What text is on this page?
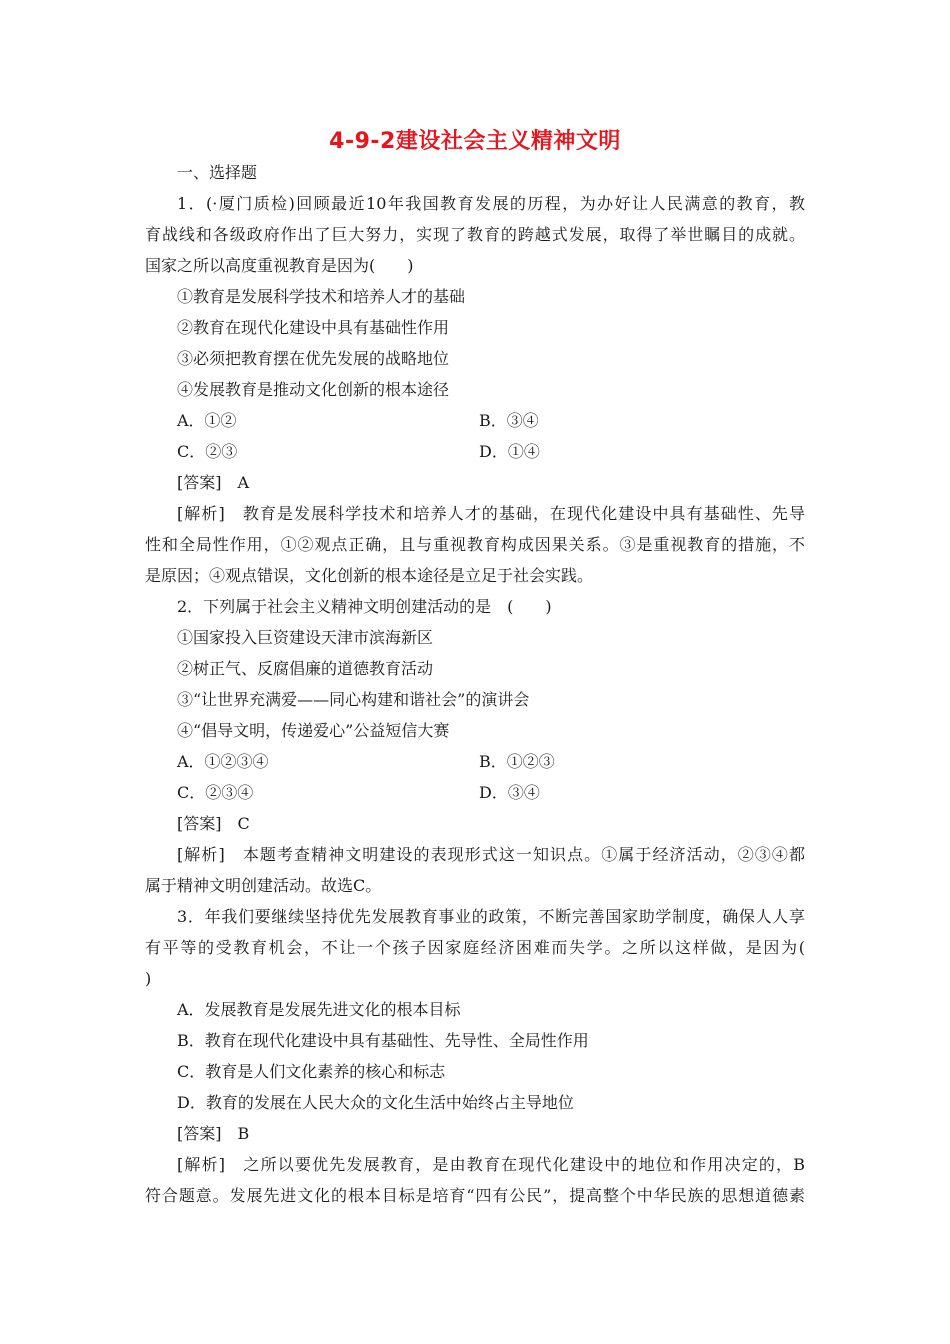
4-9-2建设社会主义精神文明
一、选择题
1．(·厦门质检)回顾最近10年我国教育发展的历程，为办好让人民满意的教育，教
育战线和各级政府作出了巨大努力，实现了教育的跨越式发展，取得了举世瞩目的成就。
国家之所以高度重视教育是因为(　　)
①教育是发展科学技术和培养人才的基础
②教育在现代化建设中具有基础性作用
③必须把教育摆在优先发展的战略地位
④发展教育是推动文化创新的根本途径
A．①②	B．③④
C．②③	D．①④
[答案]　A
[解析]　教育是发展科学技术和培养人才的基础，在现代化建设中具有基础性、先导
性和全局性作用，①②观点正确，且与重视教育构成因果关系。③是重视教育的措施，不
是原因；④观点错误，文化创新的根本途径是立足于社会实践。
2．下列属于社会主义精神文明创建活动的是　(　　)
①国家投入巨资建设天津市滨海新区
②树正气、反腐倡廉的道德教育活动
③“让世界充满爱——同心构建和谐社会”的演讲会
④“倡导文明，传递爱心”公益短信大赛
A．①②③④	B．①②③
C．②③④	D．③④
[答案]　C
[解析]　本题考查精神文明建设的表现形式这一知识点。①属于经济活动，②③④都
属于精神文明创建活动。故选C。
3．年我们要继续坚持优先发展教育事业的政策，不断完善国家助学制度，确保人人享
有平等的受教育机会，不让一个孩子因家庭经济困难而失学。之所以这样做，是因为(
)
A．发展教育是发展先进文化的根本目标
B．教育在现代化建设中具有基础性、先导性、全局性作用
C．教育是人们文化素养的核心和标志
D．教育的发展在人民大众的文化生活中始终占主导地位
[答案]　B
[解析]　之所以要优先发展教育，是由教育在现代化建设中的地位和作用决定的，B
符合题意。发展先进文化的根本目标是培育“四有公民”，提高整个中华民族的思想道德素
